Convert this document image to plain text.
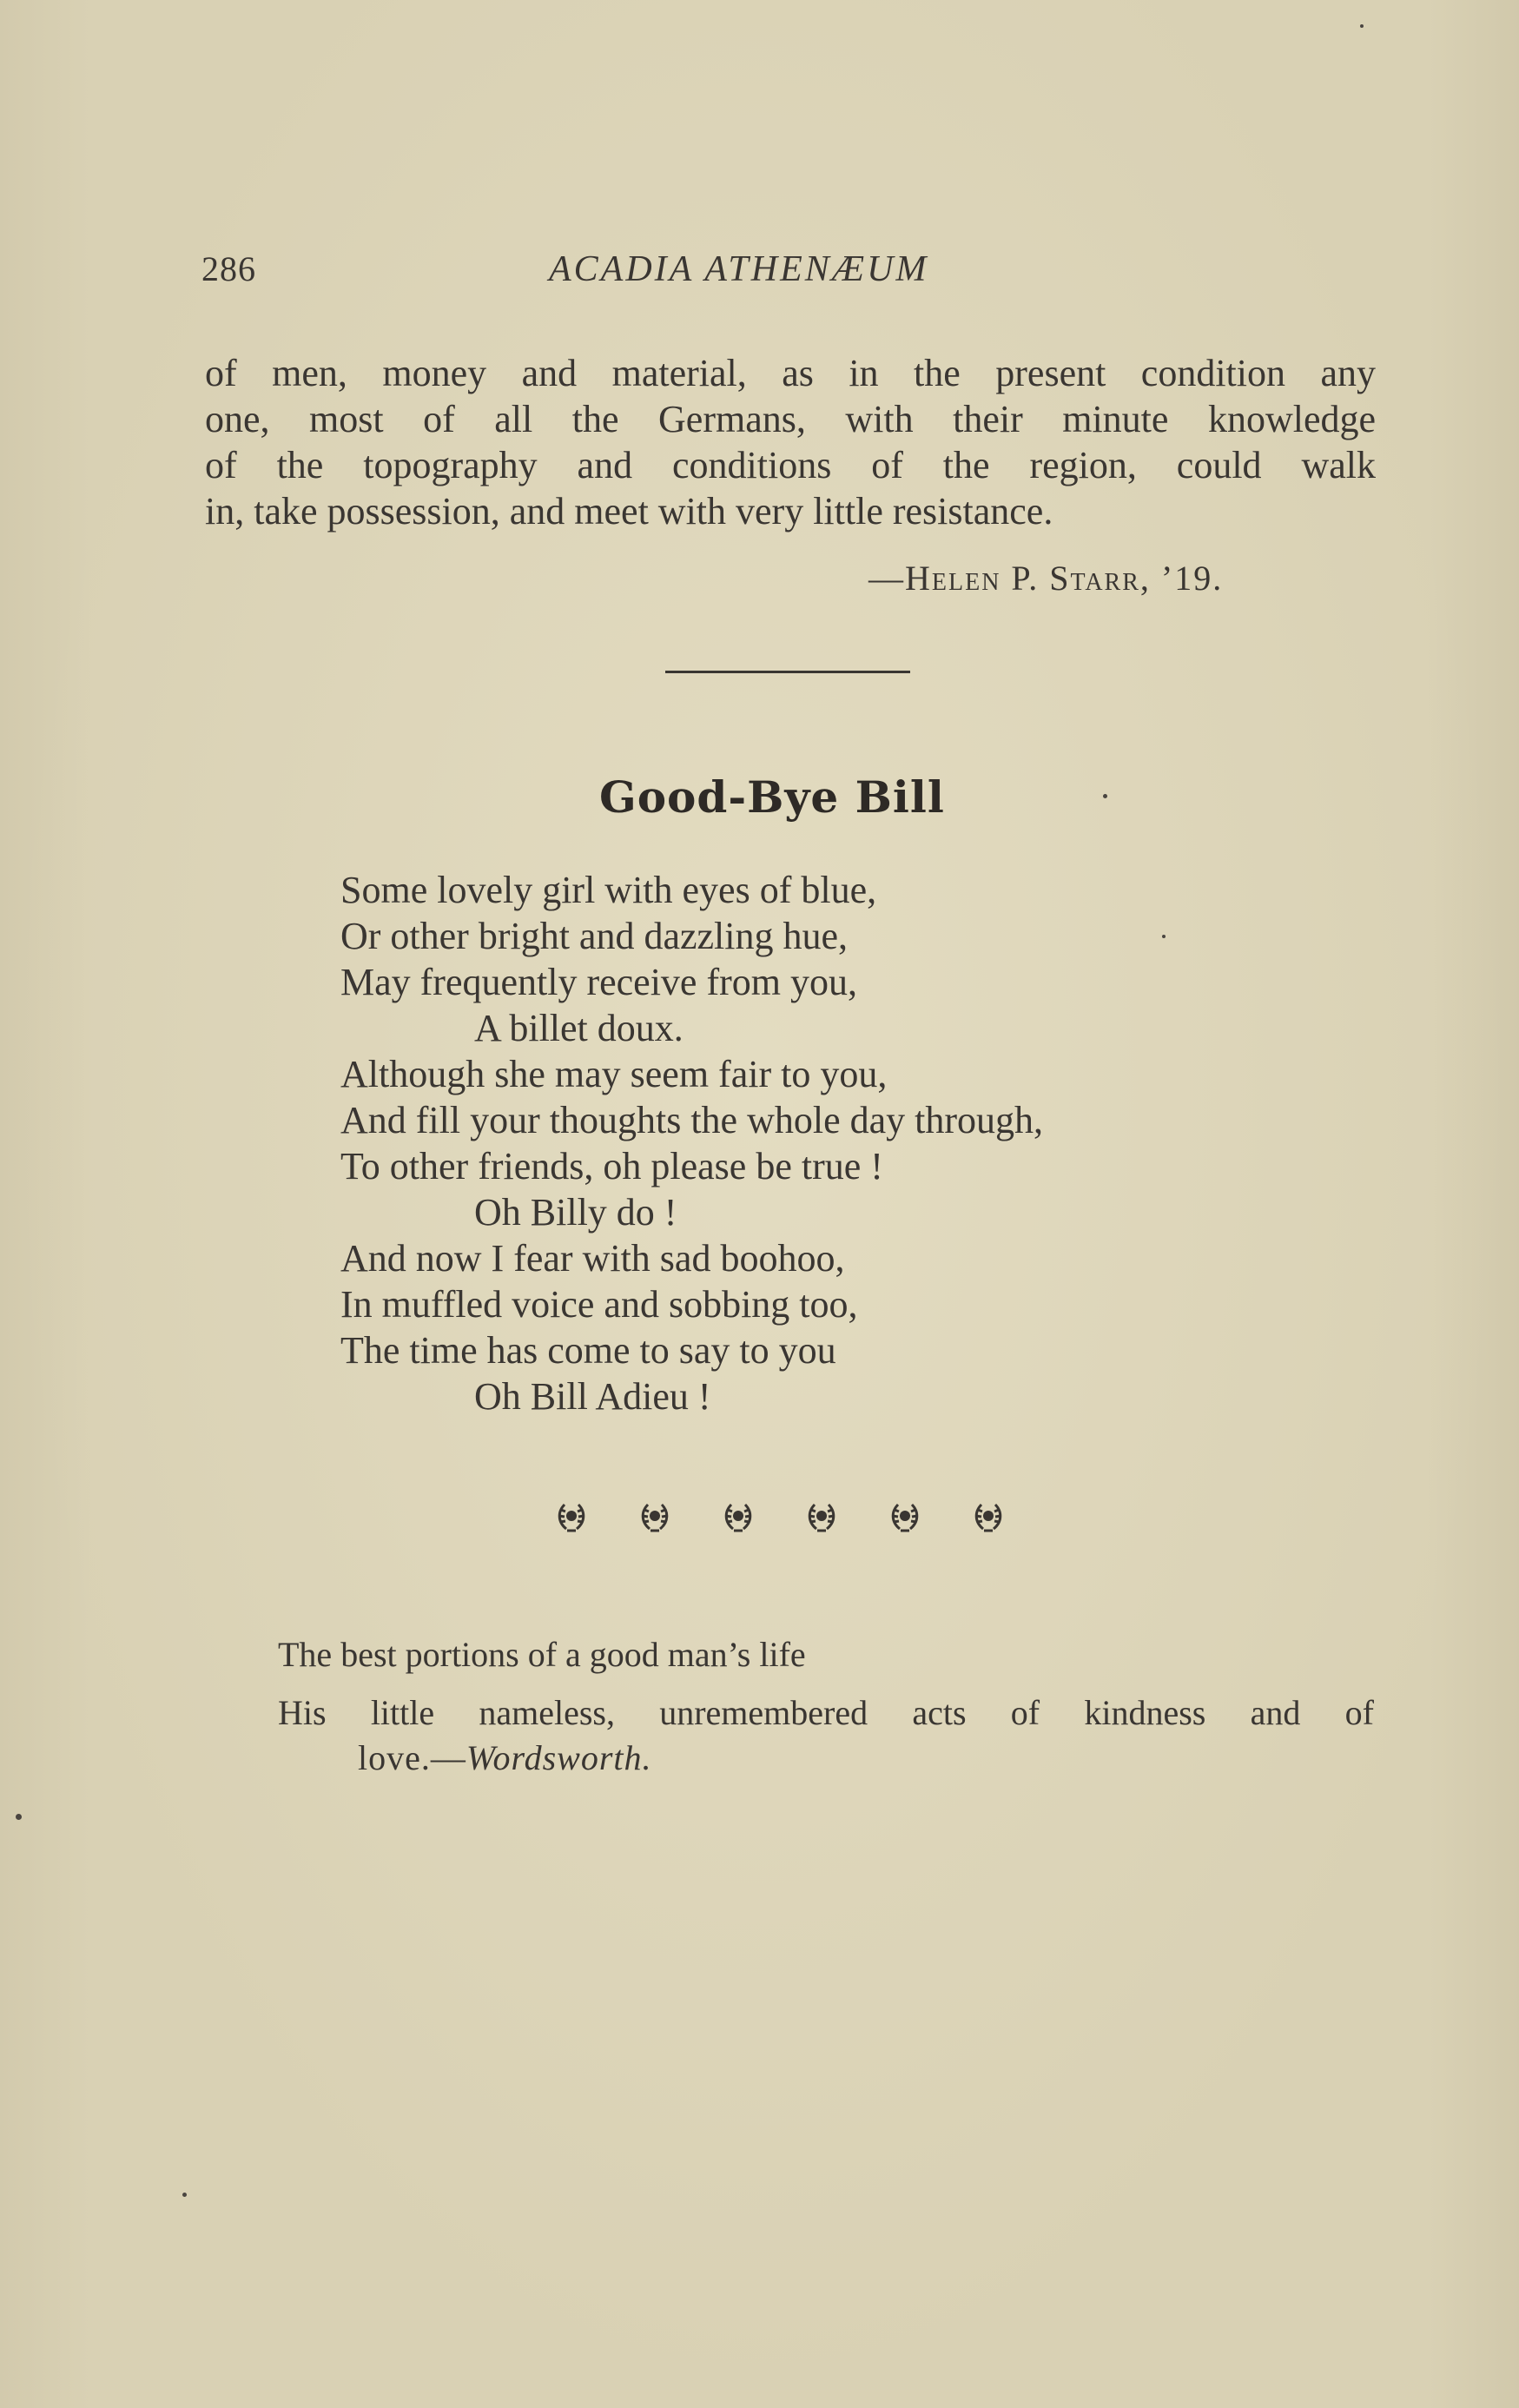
286	ACADIA ATHENÆUM
of men, money and material, as in the present condition any
one, most of all the Germans, with their minute knowledge
of the topography and conditions of the region, could walk
in, take possession, and meet with very little resistance.
—Helen P. Starr, ’19.
Good-Bye Bill
Some lovely girl with eyes of blue,
Or other bright and dazzling hue,
May frequently receive from you,
A billet doux.
Although she may seem fair to you,
And fill your thoughts the whole day through,
To other friends, oh please be true !
Oh Billy do !
And now I fear with sad boohoo,
In muffled voice and sobbing too,
The time has come to say to you
Oh Bill Adieu !
The best portions of a good man’s life
His little nameless, unremembered acts of kindness and of
love.—Wordsworth.
